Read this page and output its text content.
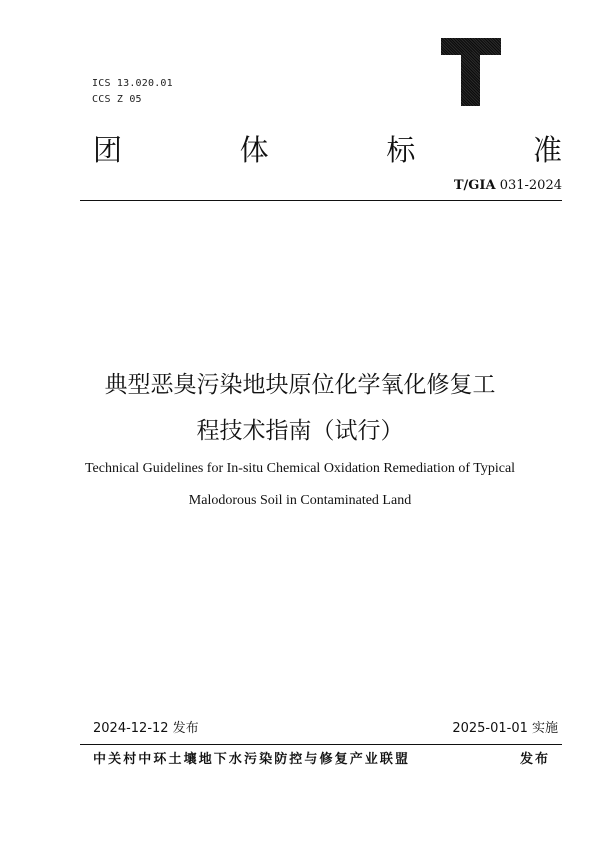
ICS 13.020.01
CCS Z 05
团	体	标	准
T/GIA 031-2024
典型恶臭污染地块原位化学氧化修复工
程技术指南（试行）
Technical Guidelines for In-situ Chemical Oxidation Remediation of Typical
Malodorous Soil in Contaminated Land
2024-12-12 发布	2025-01-01 实施
中关村中环土壤地下水污染防控与修复产业联盟	发布
